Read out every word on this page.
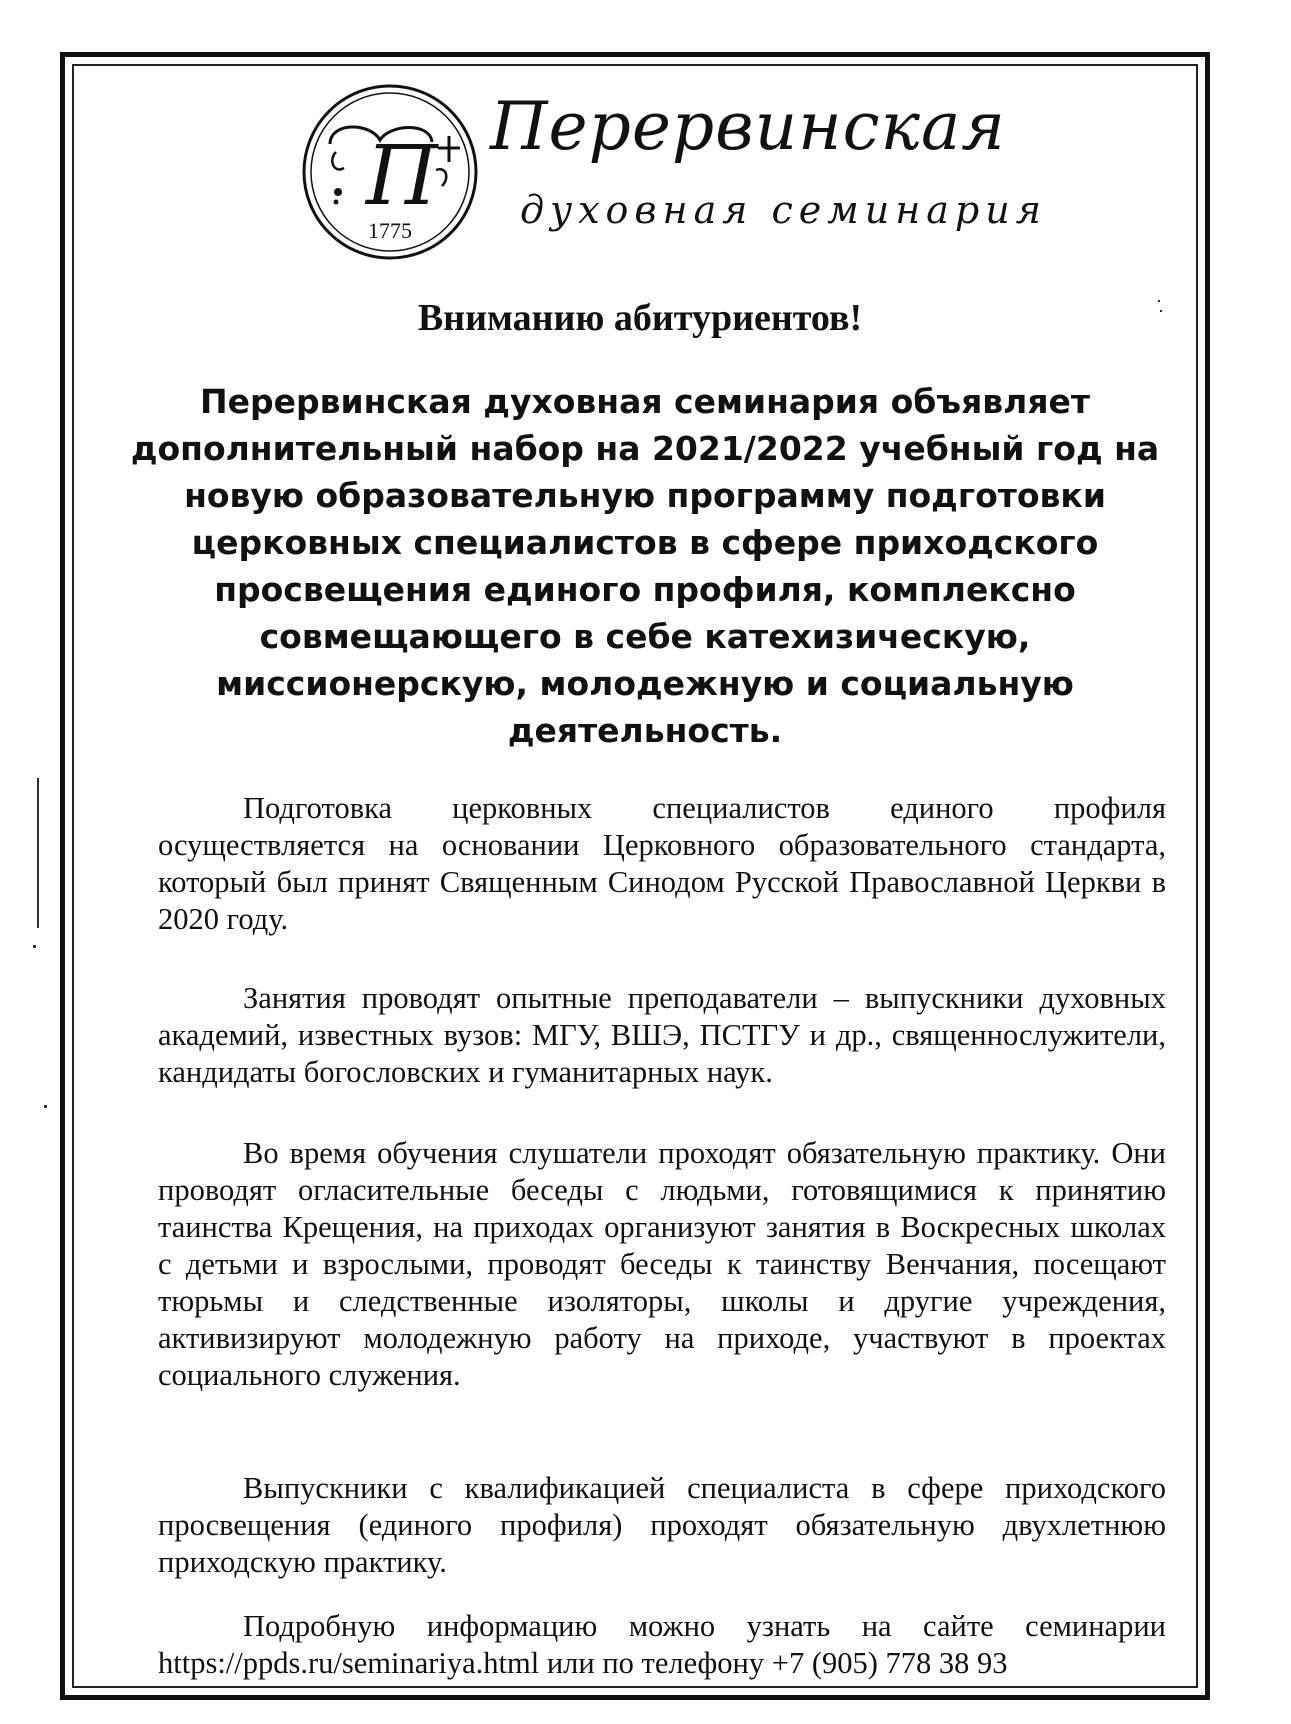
П
1775
Перервинская
духовная семинария
Вниманию абитуриентов!
Перервинская духовная семинария объявляет дополнительный набор на 2021/2022 учебный год на новую образовательную программу подготовки церковных специалистов в сфере приходского просвещения единого профиля, комплексно совмещающего в себе катехизическую, миссионерскую, молодежную и социальную деятельность.

Подготовка церковных специалистов единого профиля осуществляется на основании Церковного образовательного стандарта, который был принят Священным Синодом Русской Православной Церкви в 2020 году.

Занятия проводят опытные преподаватели – выпускники духовных академий, известных вузов: МГУ, ВШЭ, ПСТГУ и др., священнослужители, кандидаты богословских и гуманитарных наук.

Во время обучения слушатели проходят обязательную практику. Они проводят огласительные беседы с людьми, готовящимися к принятию таинства Крещения, на приходах организуют занятия в Воскресных школах с детьми и взрослыми, проводят беседы к таинству Венчания, посещают тюрьмы и следственные изоляторы, школы и другие учреждения, активизируют молодежную работу на приходе, участвуют в проектах социального служения.

Выпускники с квалификацией специалиста в сфере приходского просвещения (единого профиля) проходят обязательную двухлетнюю приходскую практику.

Подробную информацию можно узнать на сайте семинарии https://ppds.ru/seminariya.html или по телефону +7 (905) 778 38 93
